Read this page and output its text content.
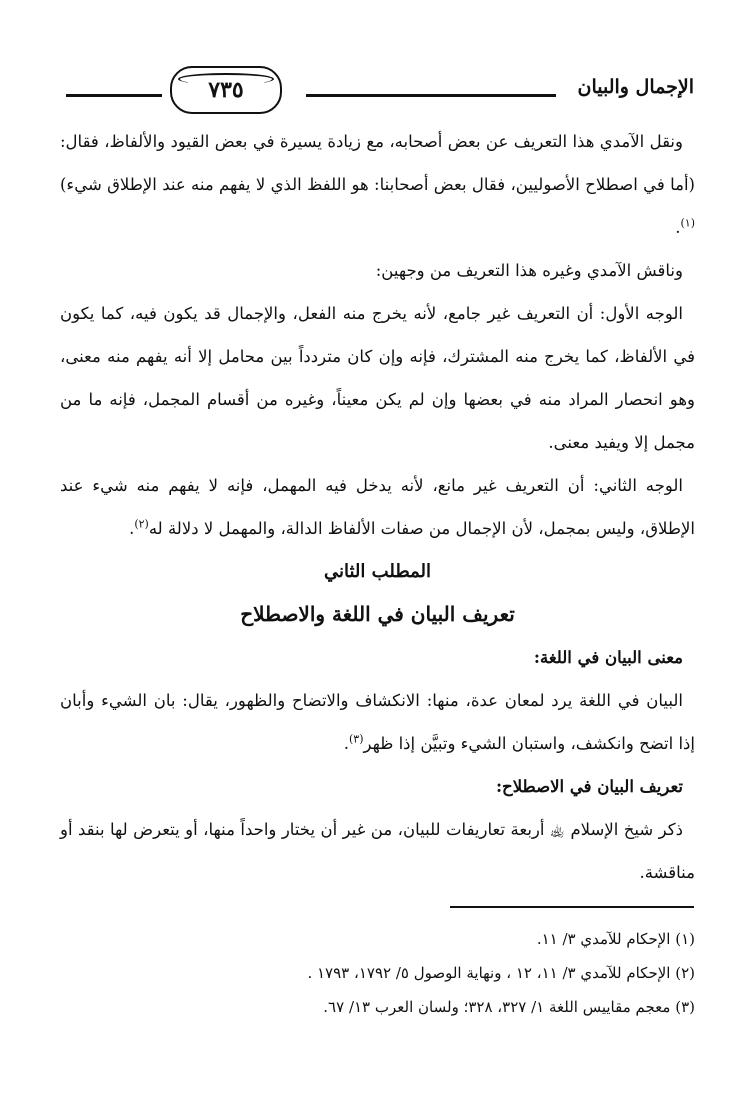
الإجمال والبيان
٧٣٥

ونقل الآمدي هذا التعريف عن بعض أصحابه، مع زيادة يسيرة في بعض القيود والألفاظ، فقال: (أما في اصطلاح الأصوليين، فقال بعض أصحابنا: هو اللفظ الذي لا يفهم منه عند الإطلاق شيء)$^{(١)}$.

وناقش الآمدي وغيره هذا التعريف من وجهين:

الوجه الأول: أن التعريف غير جامع، لأنه يخرج منه الفعل، والإجمال قد يكون فيه، كما يكون في الألفاظ، كما يخرج منه المشترك، فإنه وإن كان متردداً بين محامل إلا أنه يفهم منه معنى، وهو انحصار المراد منه في بعضها وإن لم يكن معيناً، وغيره من أقسام المجمل، فإنه ما من مجمل إلا ويفيد معنى.

الوجه الثاني: أن التعريف غير مانع، لأنه يدخل فيه المهمل، فإنه لا يفهم منه شيء عند الإطلاق، وليس بمجمل، لأن الإجمال من صفات الألفاظ الدالة، والمهمل لا دلالة له$^{(٢)}$.

المطلب الثاني

تعريف البيان في اللغة والاصطلاح

معنى البيان في اللغة:

البيان في اللغة يرد لمعان عدة، منها: الانكشاف والاتضاح والظهور، يقال: بان الشيء وأبان إذا اتضح وانكشف، واستبان الشيء وتبيَّن إذا ظهر$^{(٣)}$.

تعريف البيان في الاصطلاح:

ذكر شيخ الإسلام ﵀ أربعة تعاريفات للبيان، من غير أن يختار واحداً منها، أو يتعرض لها بنقد أو مناقشة.

(١) الإحكام للآمدي ٣/ ١١.

(٢) الإحكام للآمدي ٣/ ١١، ١٢ ، ونهاية الوصول ٥/ ١٧٩٢، ١٧٩٣ .

(٣) معجم مقاييس اللغة ١/ ٣٢٧، ٣٢٨؛ ولسان العرب ١٣/ ٦٧.
